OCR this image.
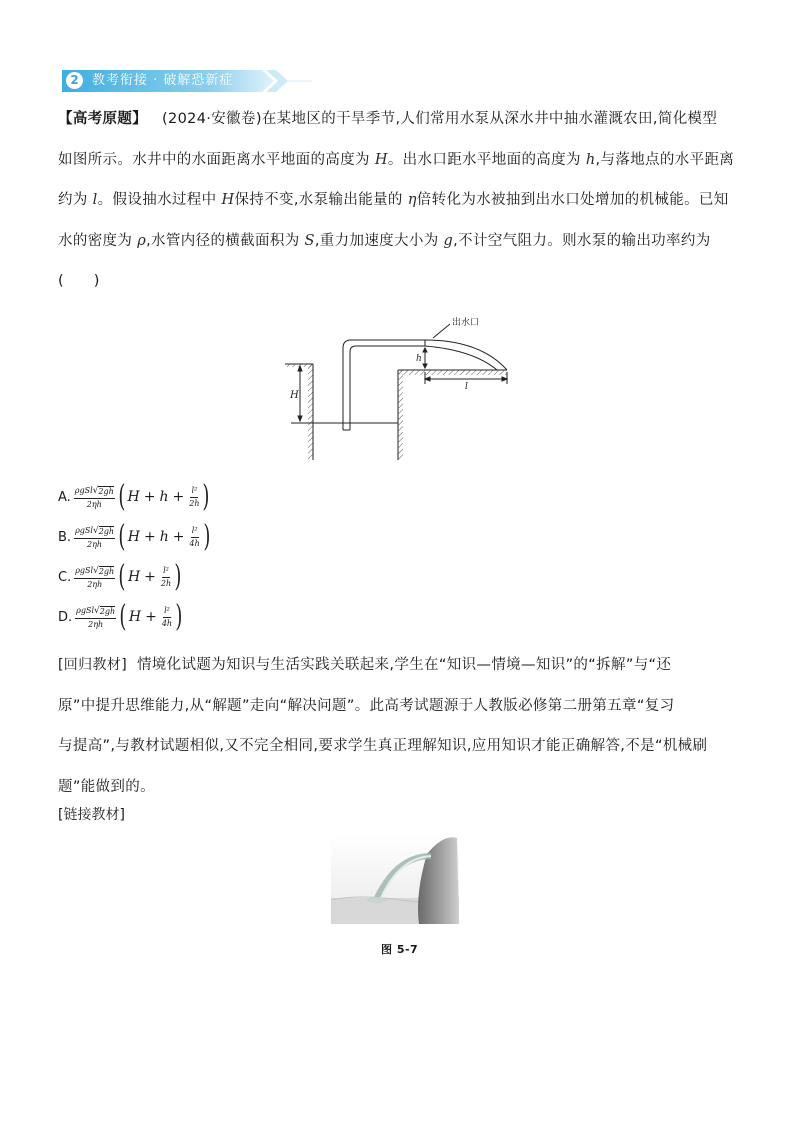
2	教考衔接 · 破解恐新症
【高考原题】 (2024·安徽卷)在某地区的干旱季节,人们常用水泵从深水井中抽水灌溉农田,简化模型
如图所示。水井中的水面距离水平地面的高度为 H。出水口距水平地面的高度为 h,与落地点的水平距离
约为 l。假设抽水过程中 H保持不变,水泵输出能量的 η倍转化为水被抽到出水口处增加的机械能。已知
水的密度为 ρ,水管内径的横截面积为 S,重力加速度大小为 g,不计空气阻力。则水泵的输出功率约为
(　　)
出水口
H
h
l
A. $\frac{\text{ρgSl √ 2gh}}{2\eta h}$ ( $H + h + \frac{\text{l²}}{2h}$ )
B. $\frac{\text{ρgSl √ 2gh}}{2\eta h}$ ( $H + h + \frac{\text{l²}}{4h}$ )
C. $\frac{\text{ρgSl √ 2gh}}{2\eta h}$ ( $H + \frac{\text{l²}}{2h}$ )
D. $\frac{\text{ρgSl √ 2gh}}{2\eta h}$ ( $H + \frac{\text{l²}}{4h}$ )
[回归教材] 情境化试题为知识与生活实践关联起来,学生在“知识—情境—知识”的“拆解”与“还
原”中提升思维能力,从“解题”走向“解决问题”。此高考试题源于人教版必修第二册第五章“复习
与提高”,与教材试题相似,又不完全相同,要求学生真正理解知识,应用知识才能正确解答,不是“机械刷
题”能做到的。
[链接教材]
图 5-7
